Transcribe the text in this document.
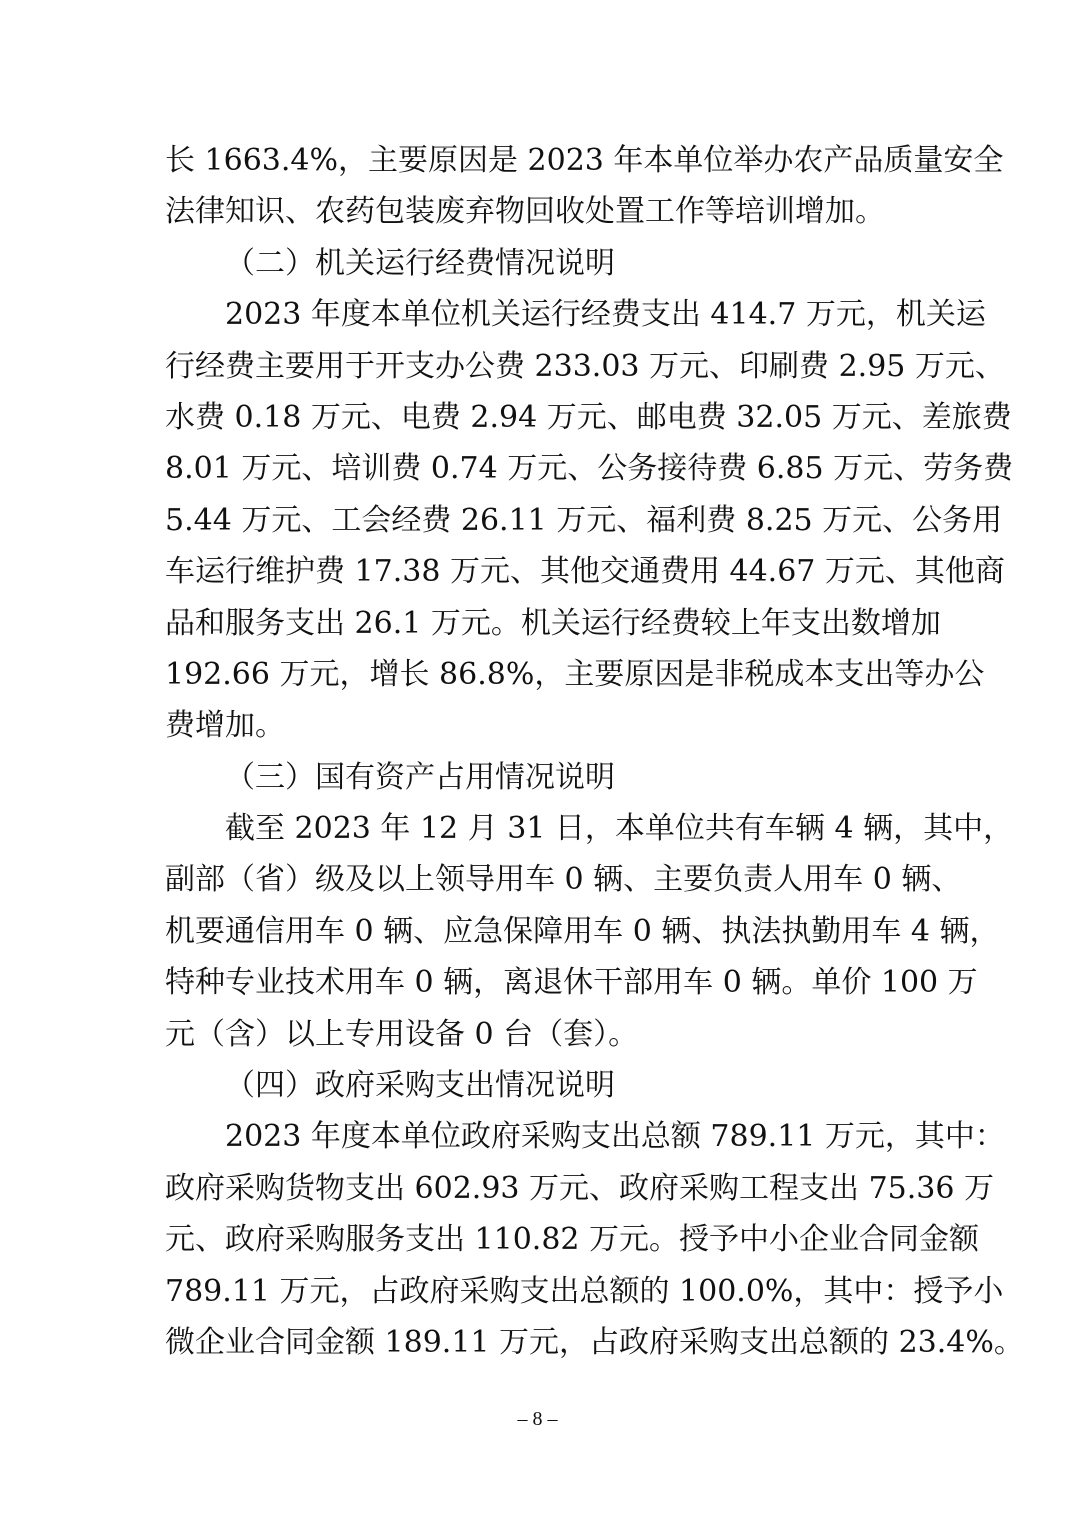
长 1663.4%，主要原因是 2023 年本单位举办农产品质量安全
法律知识、农药包装废弃物回收处置工作等培训增加。
（二）机关运行经费情况说明
2023 年度本单位机关运行经费支出 414.7 万元，机关运
行经费主要用于开支办公费 233.03 万元、印刷费 2.95 万元、
水费 0.18 万元、电费 2.94 万元、邮电费 32.05 万元、差旅费
8.01 万元、培训费 0.74 万元、公务接待费 6.85 万元、劳务费
5.44 万元、工会经费 26.11 万元、福利费 8.25 万元、公务用
车运行维护费 17.38 万元、其他交通费用 44.67 万元、其他商
品和服务支出 26.1 万元。机关运行经费较上年支出数增加
192.66 万元，增长 86.8%，主要原因是非税成本支出等办公
费增加。
（三）国有资产占用情况说明
截至 2023 年 12 月 31 日，本单位共有车辆 4 辆，其中，
副部（省）级及以上领导用车 0 辆、主要负责人用车 0 辆、
机要通信用车 0 辆、应急保障用车 0 辆、执法执勤用车 4 辆，
特种专业技术用车 0 辆，离退休干部用车 0 辆。单价 100 万
元（含）以上专用设备 0 台（套）。
（四）政府采购支出情况说明
2023 年度本单位政府采购支出总额 789.11 万元，其中：
政府采购货物支出 602.93 万元、政府采购工程支出 75.36 万
元、政府采购服务支出 110.82 万元。授予中小企业合同金额
789.11 万元，占政府采购支出总额的 100.0%，其中：授予小
微企业合同金额 189.11 万元，占政府采购支出总额的 23.4%。
– 8 –
